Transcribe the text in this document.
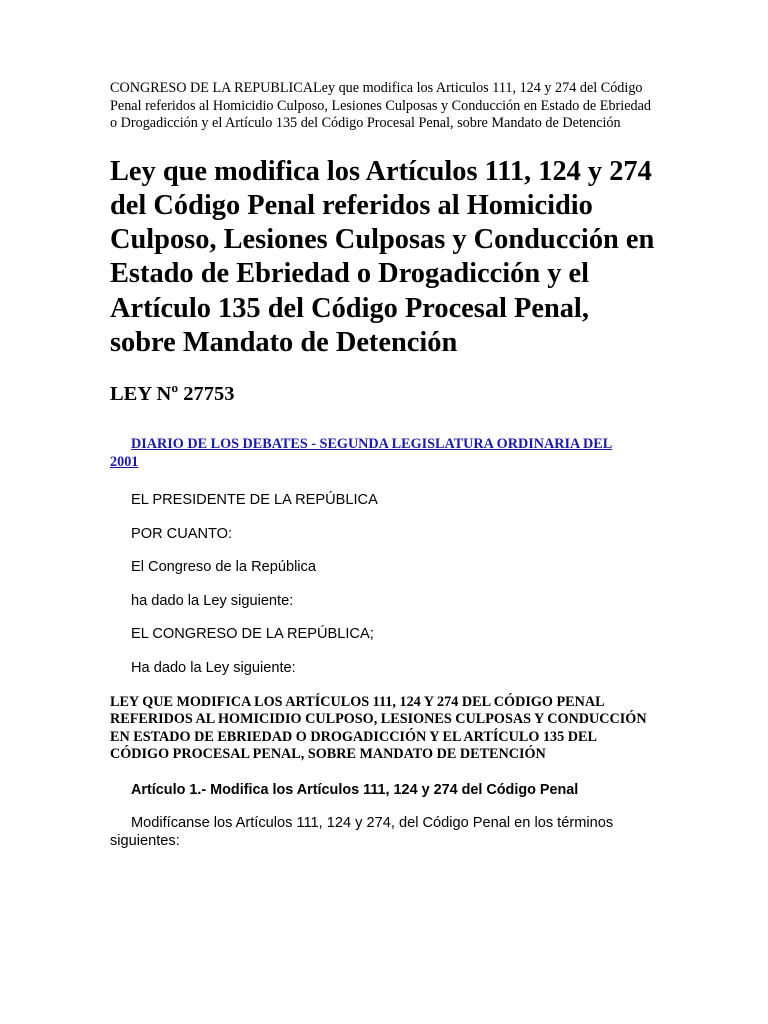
CONGRESO DE LA REPUBLICALey que modifica los Articulos 111, 124 y 274 del Código Penal referidos al Homicidio Culposo, Lesiones Culposas y Conducción en Estado de Ebriedad o Drogadicción y el Artículo 135 del Código Procesal Penal, sobre Mandato de Detención

Ley que modifica los Artículos 111, 124 y 274 del Código Penal referidos al Homicidio Culposo, Lesiones Culposas y Conducción en Estado de Ebriedad o Drogadicción y el Artículo 135 del Código Procesal Penal, sobre Mandato de Detención
LEY Nº 27753

DIARIO DE LOS DEBATES - SEGUNDA LEGISLATURA ORDINARIA DEL 2001

EL PRESIDENTE DE LA REPÚBLICA

POR CUANTO:

El Congreso de la República

ha dado la Ley siguiente:

EL CONGRESO DE LA REPÚBLICA;

Ha dado la Ley siguiente:

LEY QUE MODIFICA LOS ARTÍCULOS 111, 124 Y 274 DEL CÓDIGO PENAL REFERIDOS AL HOMICIDIO CULPOSO, LESIONES CULPOSAS Y CONDUCCIÓN EN ESTADO DE EBRIEDAD O DROGADICCIÓN Y EL ARTÍCULO 135 DEL CÓDIGO PROCESAL PENAL, SOBRE MANDATO DE DETENCIÓN

Artículo 1.- Modifica los Artículos 111, 124 y 274 del Código Penal

Modifícanse los Artículos 111, 124 y 274, del Código Penal en los términos siguientes:
